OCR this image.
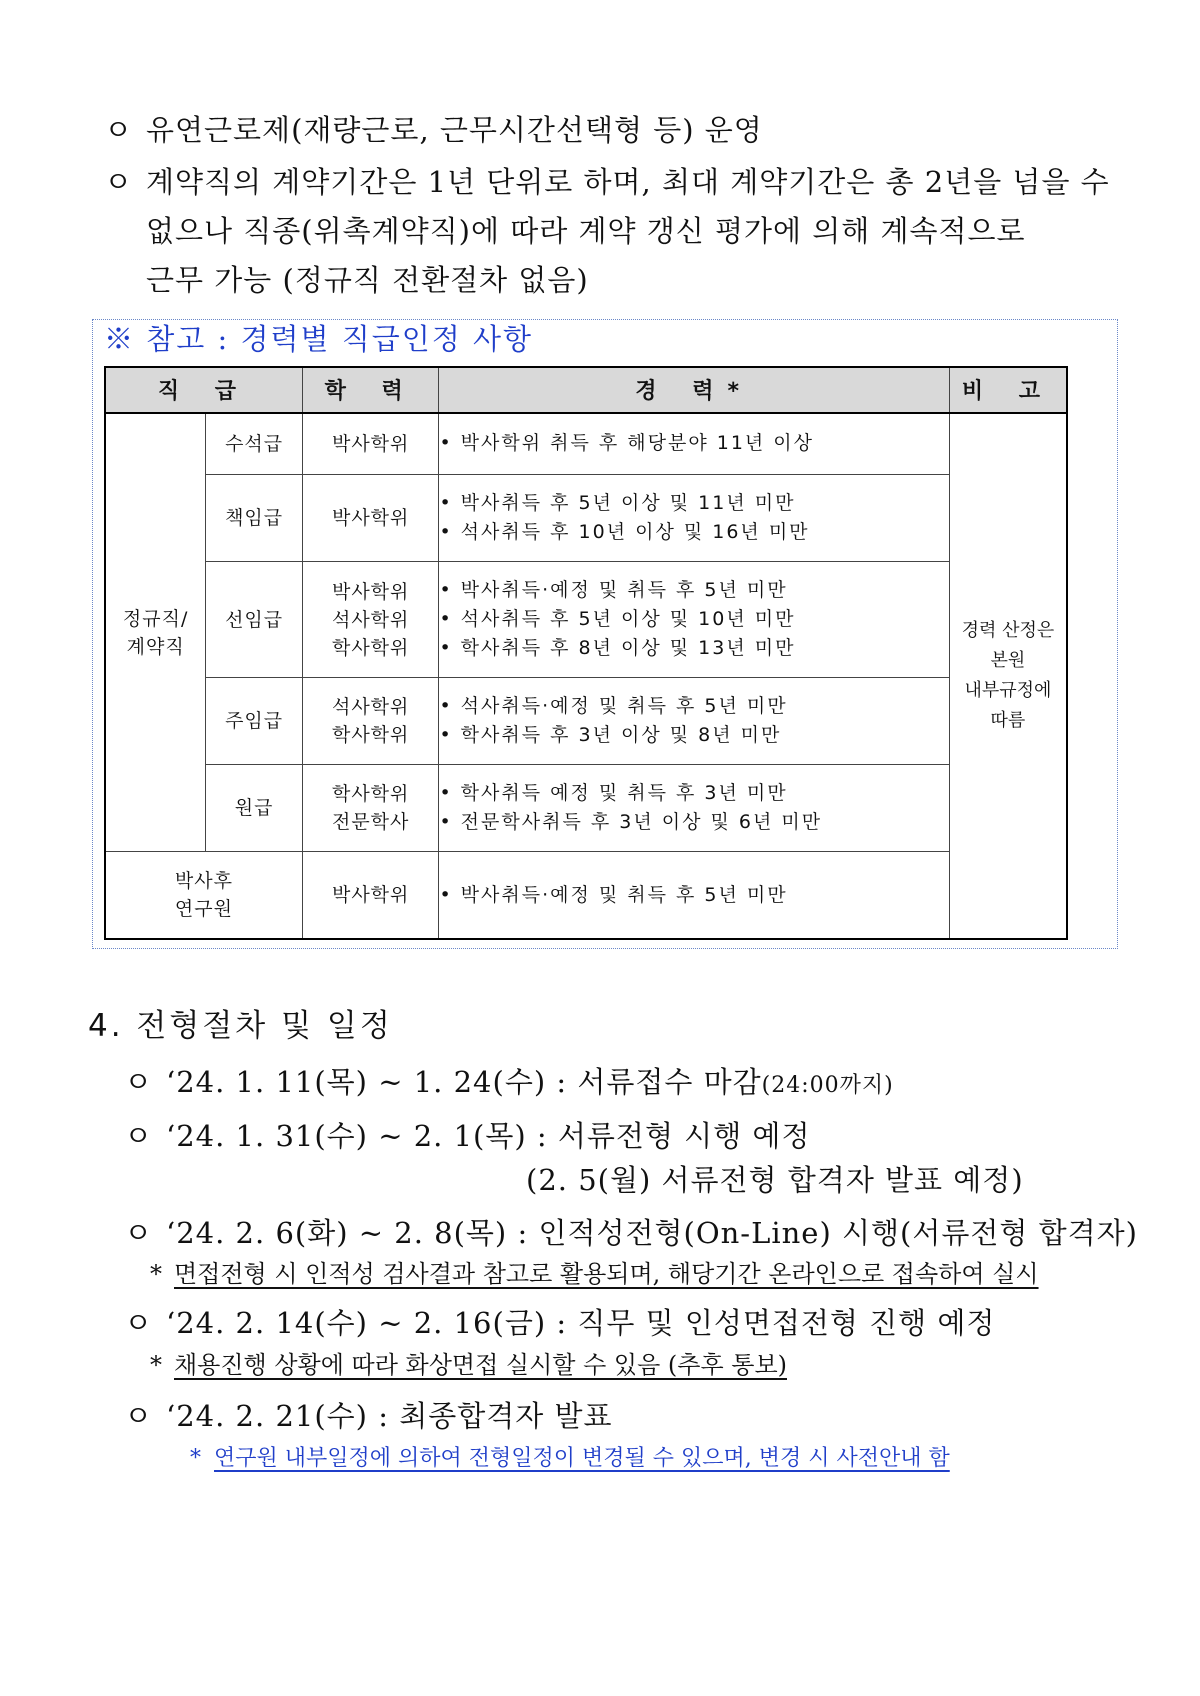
ㅇ 유연근로제(재량근로, 근무시간선택형 등) 운영
ㅇ 계약직의 계약기간은 1년 단위로 하며, 최대 계약기간은 총 2년을 넘을 수
없으나 직종(위촉계약직)에 따라 계약 갱신 평가에 의해 계속적으로
근무 가능 (정규직 전환절차 없음)
※ 참고 : 경력별 직급인정 사항
직 급		학 력	경 력*	비 고
정규직/
계약직	수석급	박사학위	• 박사학위 취득 후 해당분야 11년 이상	경력 산정은
본원
내부규정에
따름
	책임급	박사학위	• 박사취득 후 5년 이상 및 11년 미만
• 석사취득 후 10년 이상 및 16년 미만	
	선임급	박사학위
석사학위
학사학위	• 박사취득·예정 및 취득 후 5년 미만
• 석사취득 후 5년 이상 및 10년 미만
• 학사취득 후 8년 이상 및 13년 미만	
	주임급	석사학위
학사학위	• 석사취득·예정 및 취득 후 5년 미만
• 학사취득 후 3년 이상 및 8년 미만	
	원급	학사학위
전문학사	• 학사취득 예정 및 취득 후 3년 미만
• 전문학사취득 후 3년 이상 및 6년 미만	
박사후
연구원		박사학위	• 박사취득·예정 및 취득 후 5년 미만	
4. 전형절차 및 일정
ㅇ ‘24. 1. 11(목) ~ 1. 24(수) : 서류접수 마감(24:00까지)
ㅇ ‘24. 1. 31(수) ~ 2. 1(목) : 서류전형 시행 예정
(2. 5(월) 서류전형 합격자 발표 예정)
ㅇ ‘24. 2. 6(화) ~ 2. 8(목) : 인적성전형(On-Line) 시행(서류전형 합격자)
* 면접전형 시 인적성 검사결과 참고로 활용되며, 해당기간 온라인으로 접속하여 실시
ㅇ ‘24. 2. 14(수) ~ 2. 16(금) : 직무 및 인성면접전형 진행 예정
* 채용진행 상황에 따라 화상면접 실시할 수 있음 (추후 통보)
ㅇ ‘24. 2. 21(수) : 최종합격자 발표
* 연구원 내부일정에 의하여 전형일정이 변경될 수 있으며, 변경 시 사전안내 함
